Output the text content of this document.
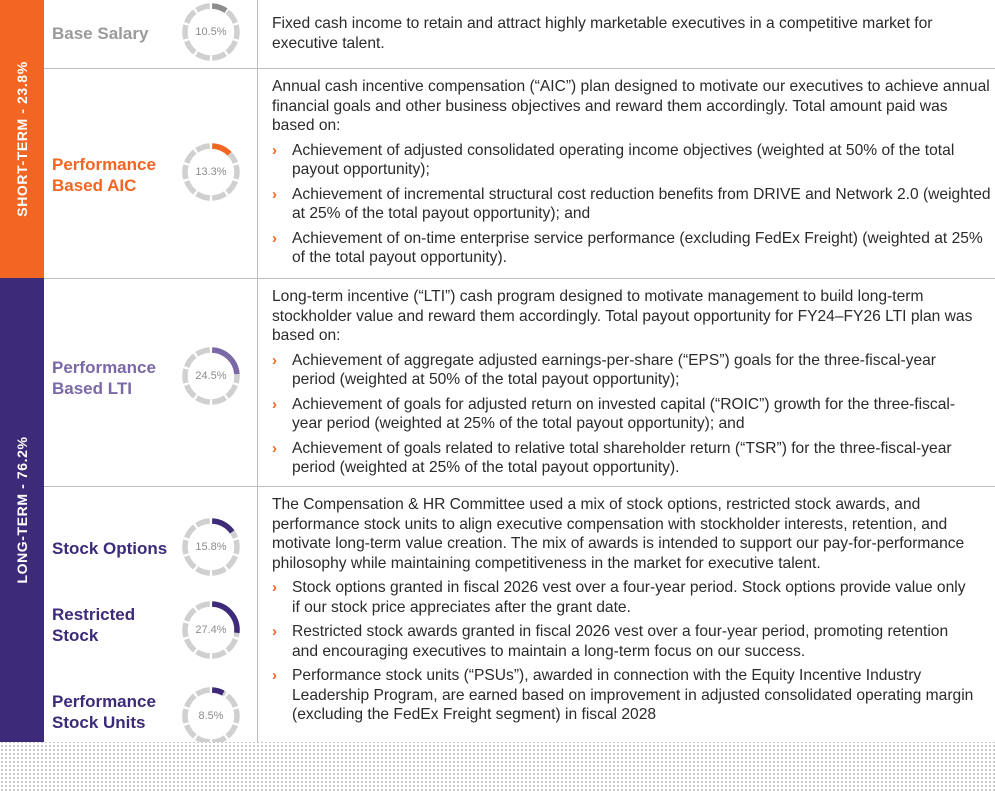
SHORT-TERM - 23.8%
LONG-TERM - 76.2%
Base Salary
Performance Based AIC
Performance Based LTI
Stock Options
Restricted Stock
Performance Stock Units
10.5%
13.3%
24.5%
15.8%
27.4%
8.5%

Fixed cash income to retain and attract highly marketable executives in a competitive market for executive talent.

Annual cash incentive compensation (“AIC”) plan designed to motivate our executives to achieve annual financial goals and other business objectives and reward them accordingly. Total amount paid was based on:

› Achievement of adjusted consolidated operating income objectives (weighted at 50% of the total payout opportunity);
› Achievement of incremental structural cost reduction benefits from DRIVE and Network 2.0 (weighted at 25% of the total payout opportunity); and
› Achievement of on-time enterprise service performance (excluding FedEx Freight) (weighted at 25% of the total payout opportunity).

Long-term incentive (“LTI”) cash program designed to motivate management to build long-term stockholder value and reward them accordingly. Total payout opportunity for FY24–FY26 LTI plan was based on:

› Achievement of aggregate adjusted earnings-per-share (“EPS”) goals for the three-fiscal-year period (weighted at 50% of the total payout opportunity);
› Achievement of goals for adjusted return on invested capital (“ROIC”) growth for the three-fiscal-year period (weighted at 25% of the total payout opportunity); and
› Achievement of goals related to relative total shareholder return (“TSR”) for the three-fiscal-year period (weighted at 25% of the total payout opportunity).

The Compensation & HR Committee used a mix of stock options, restricted stock awards, and performance stock units to align executive compensation with stockholder interests, retention, and motivate long-term value creation. The mix of awards is intended to support our pay-for-performance philosophy while maintaining competitiveness in the market for executive talent.

› Stock options granted in fiscal 2026 vest over a four-year period. Stock options provide value only if our stock price appreciates after the grant date.
› Restricted stock awards granted in fiscal 2026 vest over a four-year period, promoting retention and encouraging executives to maintain a long-term focus on our success.
› Performance stock units (“PSUs”), awarded in connection with the Equity Incentive Industry Leadership Program, are earned based on improvement in adjusted consolidated operating margin (excluding the FedEx Freight segment) in fiscal 2028
